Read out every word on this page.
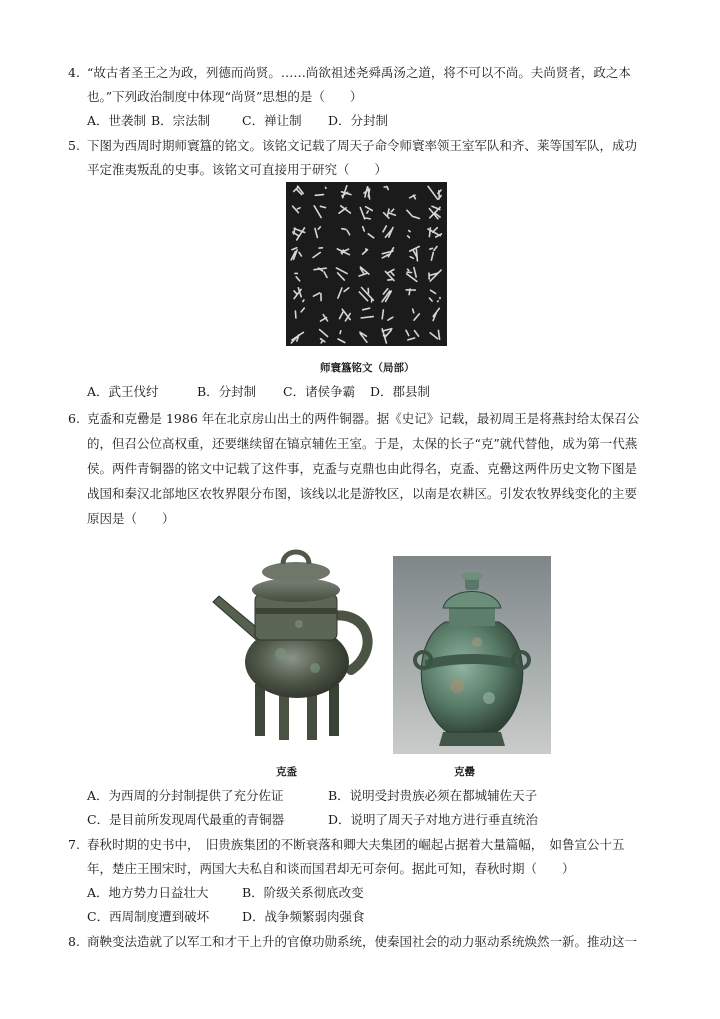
4. “故古者圣王之为政，列德而尚贤。……尚欲祖述尧舜禹汤之道，将不可以不尚。夫尚贤者，政之本
也。”下列政治制度中体现“尚贤”思想的是（　　）
A．世袭制 B．宗法制	C．禅让制 D．分封制
5. 下图为西周时期师寰簋的铭文。该铭文记载了周天子命令师寰率领王室军队和齐、莱等国军队，成功
平定淮夷叛乱的史事。该铭文可直接用于研究（　　）
师寰簋铭文（局部）
A．武王伐纣	B．分封制 C．诸侯争霸 D．郡县制
6. 克盉和克罍是 1986 年在北京房山出土的两件铜器。据《史记》记载，最初周王是将燕封给太保召公
的，但召公位高权重，还要继续留在镐京辅佐王室。于是，太保的长子“克”就代替他，成为第一代燕
侯。两件青铜器的铭文中记载了这件事，克盉与克鼎也由此得名，克盉、克罍这两件历史文物下图是
战国和秦汉北部地区农牧界限分布图，该线以北是游牧区，以南是农耕区。引发农牧界线变化的主要
原因是（　　）
克盉	克罍
A．为西周的分封制提供了充分佐证	B．说明受封贵族必须在都城辅佐天子
C．是目前所发现周代最重的青铜器	D．说明了周天子对地方进行垂直统治
7. 春秋时期的史书中，　旧贵族集团的不断衰落和卿大夫集团的崛起占据着大量篇幅，　如鲁宣公十五
年，楚庄王围宋时，两国大夫私自和谈而国君却无可奈何。据此可知，春秋时期（　　）
A．地方势力日益壮大	B．阶级关系彻底改变
C．西周制度遭到破坏	D．战争频繁弱肉强食
8. 商鞅变法造就了以军工和才干上升的官僚功勋系统，使秦国社会的动力驱动系统焕然一新。推动这一
